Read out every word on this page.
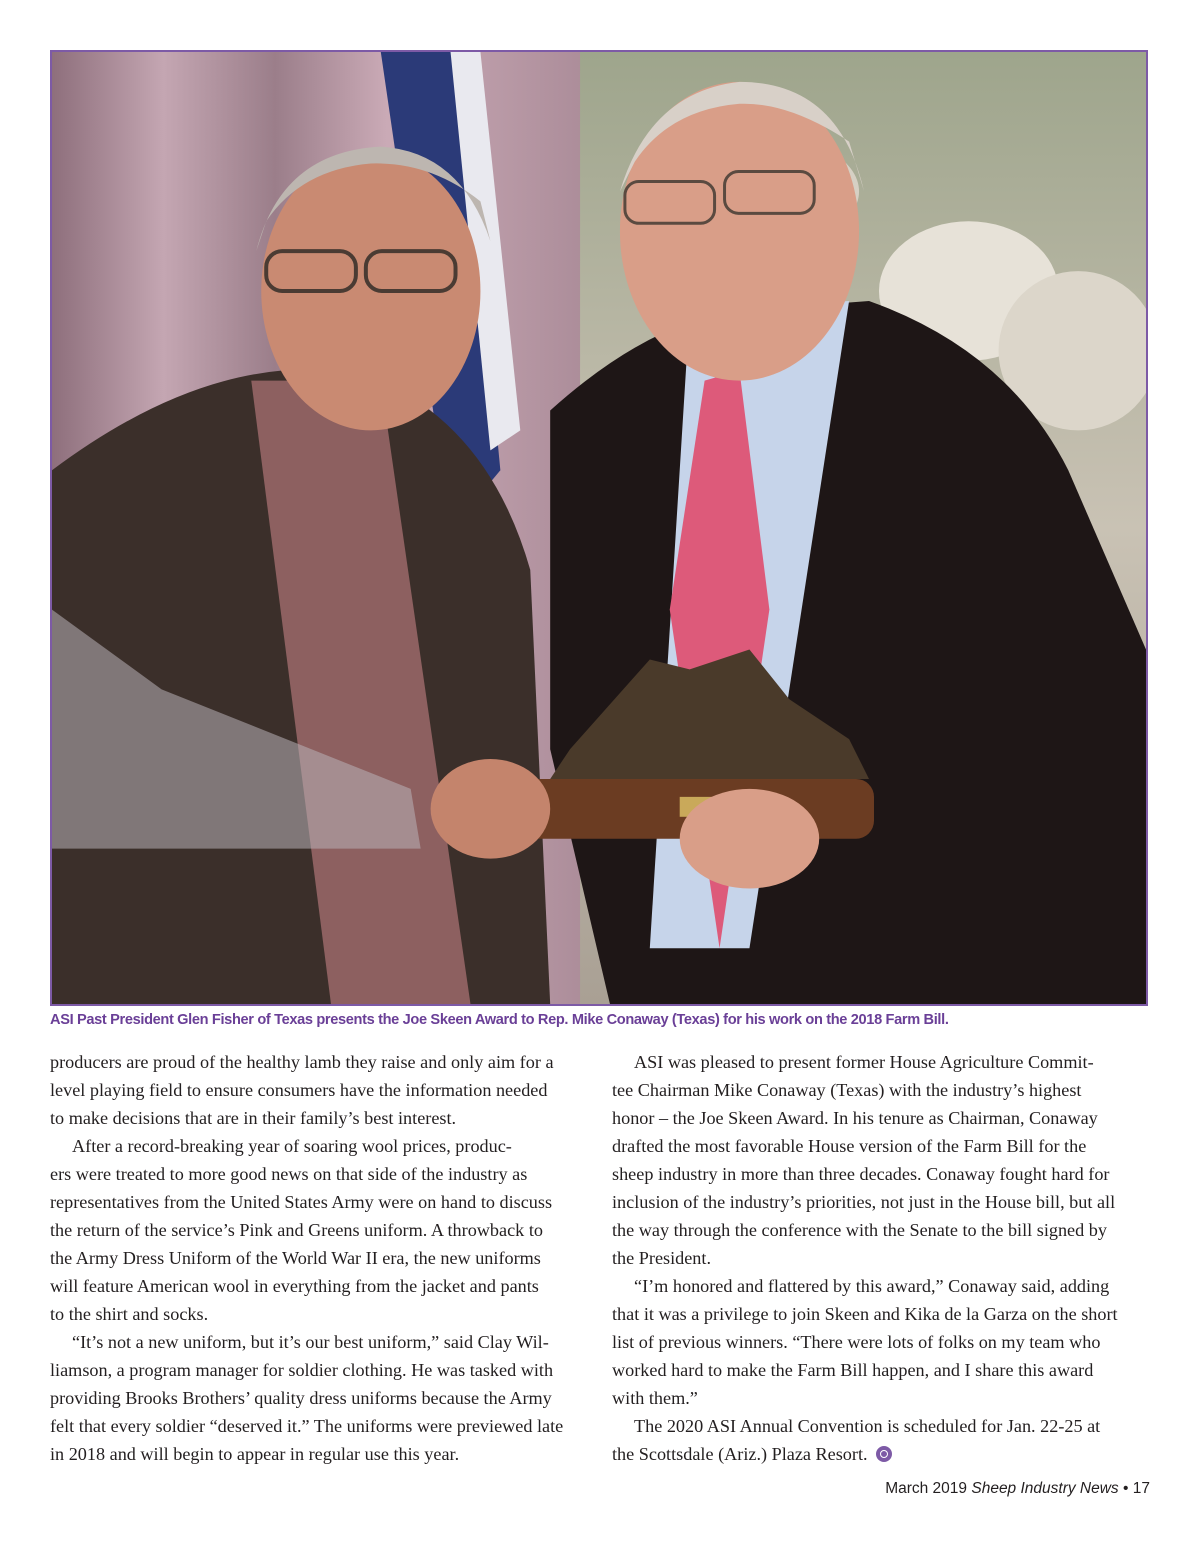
ASI Past President Glen Fisher of Texas presents the Joe Skeen Award to Rep. Mike Conaway (Texas) for his work on the 2018 Farm Bill.

producers are proud of the healthy lamb they raise and only aim for a

level playing field to ensure consumers have the information needed

to make decisions that are in their family’s best interest.

After a record-breaking year of soaring wool prices, produc-

ers were treated to more good news on that side of the industry as

representatives from the United States Army were on hand to discuss

the return of the service’s Pink and Greens uniform. A throwback to

the Army Dress Uniform of the World War II era, the new uniforms

will feature American wool in everything from the jacket and pants

to the shirt and socks.

“It’s not a new uniform, but it’s our best uniform,” said Clay Wil-

liamson, a program manager for soldier clothing. He was tasked with

providing Brooks Brothers’ quality dress uniforms because the Army

felt that every soldier “deserved it.” The uniforms were previewed late

in 2018 and will begin to appear in regular use this year.

ASI was pleased to present former House Agriculture Commit-

tee Chairman Mike Conaway (Texas) with the industry’s highest

honor – the Joe Skeen Award. In his tenure as Chairman, Conaway

drafted the most favorable House version of the Farm Bill for the

sheep industry in more than three decades. Conaway fought hard for

inclusion of the industry’s priorities, not just in the House bill, but all

the way through the conference with the Senate to the bill signed by

the President.

“I’m honored and flattered by this award,” Conaway said, adding

that it was a privilege to join Skeen and Kika de la Garza on the short

list of previous winners. “There were lots of folks on my team who

worked hard to make the Farm Bill happen, and I share this award

with them.”

The 2020 ASI Annual Convention is scheduled for Jan. 22-25 at

the Scottsdale (Ariz.) Plaza Resort.

March 2019 Sheep Industry News • 17
